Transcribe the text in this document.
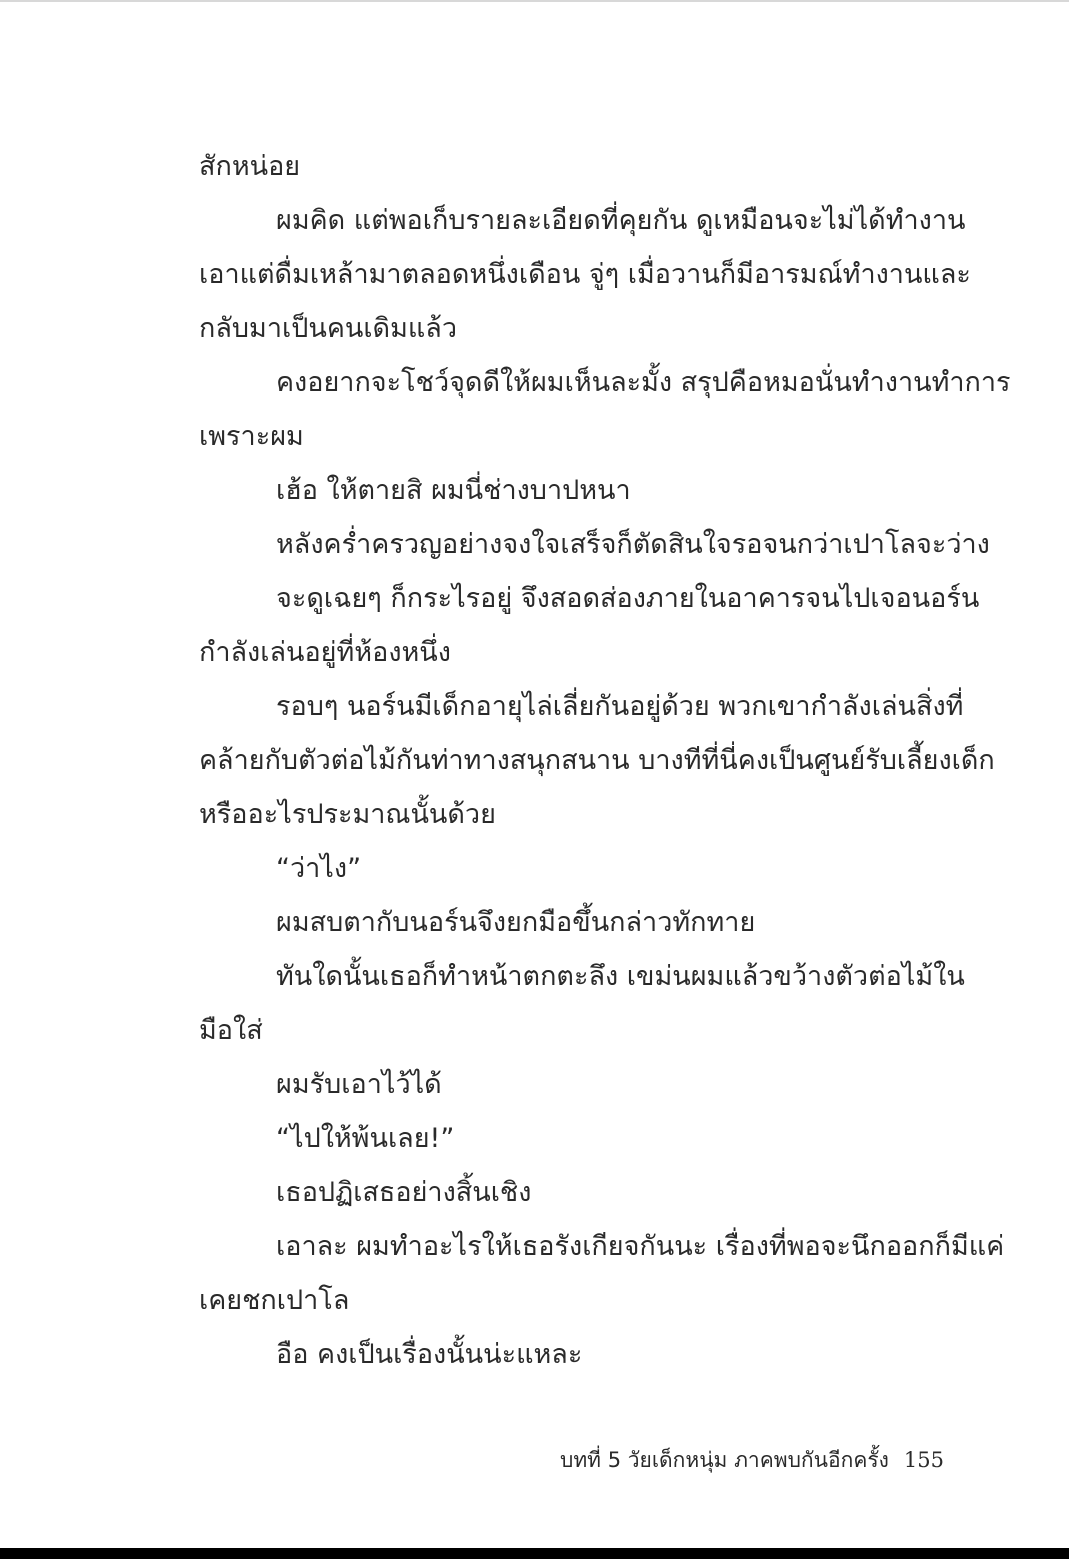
สักหน่อย
ผมคิด แต่พอเก็บรายละเอียดที่คุยกัน ดูเหมือนจะไม่ได้ทำงาน
เอาแต่ดื่มเหล้ามาตลอดหนึ่งเดือน จู่ๆ เมื่อวานก็มีอารมณ์ทำงานและ
กลับมาเป็นคนเดิมแล้ว
คงอยากจะโชว์จุดดีให้ผมเห็นละมั้ง สรุปคือหมอนั่นทำงานทำการ
เพราะผม
เฮ้อ ให้ตายสิ ผมนี่ช่างบาปหนา
หลังคร่ำครวญอย่างจงใจเสร็จก็ตัดสินใจรอจนกว่าเปาโลจะว่าง
จะดูเฉยๆ ก็กระไรอยู่ จึงสอดส่องภายในอาคารจนไปเจอนอร์น
กำลังเล่นอยู่ที่ห้องหนึ่ง
รอบๆ นอร์นมีเด็กอายุไล่เลี่ยกันอยู่ด้วย พวกเขากำลังเล่นสิ่งที่
คล้ายกับตัวต่อไม้กันท่าทางสนุกสนาน บางทีที่นี่คงเป็นศูนย์รับเลี้ยงเด็ก
หรืออะไรประมาณนั้นด้วย
“ว่าไง”
ผมสบตากับนอร์นจึงยกมือขึ้นกล่าวทักทาย
ทันใดนั้นเธอก็ทำหน้าตกตะลึง เขม่นผมแล้วขว้างตัวต่อไม้ใน
มือใส่
ผมรับเอาไว้ได้
“ไปให้พ้นเลย!”
เธอปฏิเสธอย่างสิ้นเชิง
เอาละ ผมทำอะไรให้เธอรังเกียจกันนะ เรื่องที่พอจะนึกออกก็มีแค่
เคยชกเปาโล
อือ คงเป็นเรื่องนั้นน่ะแหละ
บทที่ 5 วัยเด็กหนุ่ม ภาคพบกันอีกครั้ง 155
